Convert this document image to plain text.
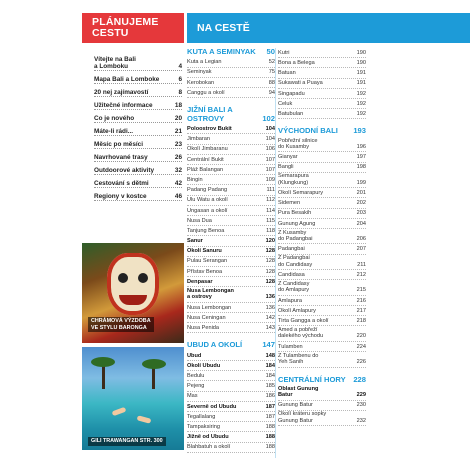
PLÁNUJEME
CESTU
Vítejte na Bali
a Lomboku	4
Mapa Bali a Lomboke	6
20 nej zajímavostí	8
Užitečné informace	18
Co je nového	20
Máte-li rádi...	21
Měsíc po měsíci	23
Navrhované trasy	26
Outdoorové aktivity	32
Cestování s dětmi	42
Regiony v kostce	46
CHRÁMOVÁ VÝZDOBA
VE STYLU BARONGA
GILI TRAWANGAN STR. 300
NA CESTĚ
KUTA A SEMINYAK 50
Kuta a Legian	52
Seminyak	75
Kerobokan	88
Canggu a okolí	94
JIŽNÍ BALI A OSTROVY	102
Poloostrov Bukit	104
Jimbaran	104
Okolí Jimbaranu	106
Centrální Bukit	107
Pláž Balangan	107
Bingin	109
Padang Padang	111
Ulu Watu a okolí	112
Ungasan a okolí	114
Nusa Dua	115
Tanjung Benoa	118
Sanur	120
Okolí Sanuru	128
Pulau Serangan	128
Přístav Benoa	128
Denpasar	128
Nusa Lembongan
a ostrovy	136
Nusa Lembongan	136
Nusa Ceningan	142
Nusa Penida	143
UBUD A OKOLÍ	147
Ubud	148
Okolí Ubudu	184
Bedulu	184
Pejeng	185
Mas	186
Severně od Ubudu	187
Tegallalang	187
Tampaksiring	188
Jižně od Ubudu	188
Blahbatuh a okolí	188
Kutri	190
Bona a Belega	190
Batuan	191
Sukawati a Puaya	191
Singapadu	192
Celuk	192
Batubulan	192
VÝCHODNÍ BALI 193
Pobřežní silnice
do Kusamby	196
Gianyar	197
Bangli	198
Semarapura
(Klungkung)	199
Okolí Semarapury	201
Sidemen	202
Pura Besakih	203
Gunung Agung	204
Z Kusamby
do Padangbai	206
Padangbai	207
Z Padangbai
do Candidasy	211
Candidasa	212
Z Candidasy
do Amlapury	215
Amlapura	216
Okolí Amlapury	217
Tirta Gangga a okolí	218
Amed a pobřeží
dalekého východu	220
Tulamben	224
Z Tulambenu do
Yeh Sanih	226
CENTRÁLNÍ HORY 228
Oblast Gunung
Batur	229
Gunung Batur	230
Okolí kráteru sopky
Gunung Batur	232
